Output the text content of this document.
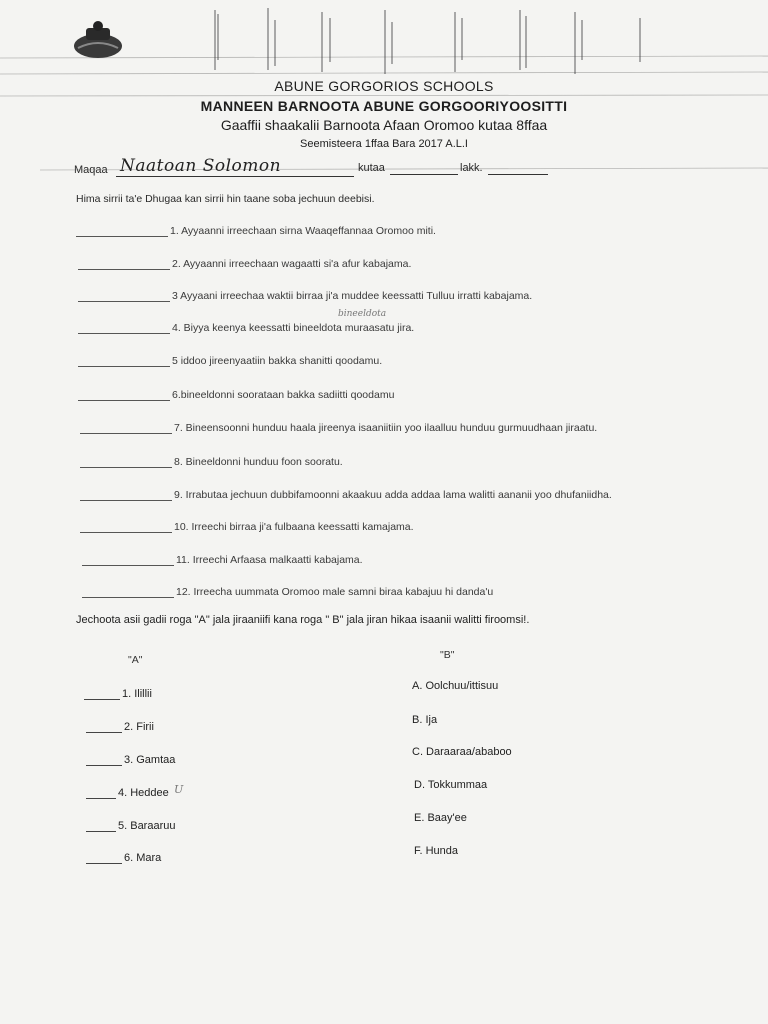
ABUNE GORGORIOS SCHOOLS
MANNEEN BARNOOTA ABUNE GORGOORIYOOSITTI
Gaaffii shaakalii Barnoota Afaan Oromoo kutaa 8ffaa
Seemisteera 1ffaa Bara 2017 A.L.I
Maqaa Naatoan Solomon	kutaa	lakk.
Hima sirrii ta'e Dhugaa kan sirrii hin taane soba jechuun deebisi.
1. Ayyaanni irreechaan sirna Waaqeffannaa Oromoo miti.
2. Ayyaanni irreechaan wagaatti si'a afur kabajama.
3 Ayyaani irreechaa waktii birraa ji'a muddee keessatti Tulluu irratti kabajama.
4. Biyya keenya keessatti bineeldota muraasatu jira.
bineeldota
5 iddoo jireenyaatiin bakka shanitti qoodamu.
6.bineeldonni soorataan bakka sadiitti qoodamu
7. Bineensoonni hunduu haala jireenya isaaniitiin yoo ilaalluu hunduu gurmuudhaan jiraatu.
8. Bineeldonni hunduu foon sooratu.
9. Irrabutaa jechuun dubbifamoonni akaakuu adda addaa lama walitti aananii yoo dhufaniidha.
10. Irreechi birraa ji'a fulbaana keessatti kamajama.
11. Irreechi Arfaasa malkaatti kabajama.
12. Irreecha uummata Oromoo male samni biraa kabajuu hi danda'u
Jechoota asii gadii roga "A" jala jiraaniifi kana roga " B" jala jiran hikaa isaanii walitti firoomsi!.
"A"	"B"
1. Ilillii
2. Firii
3. Gamtaa
4. Heddee U
5. Baraaruu
6. Mara
A. Oolchuu/ittisuu
B. Ija
C. Daraaraa/ababoo
D. Tokkummaa
E. Baay'ee
F. Hunda
